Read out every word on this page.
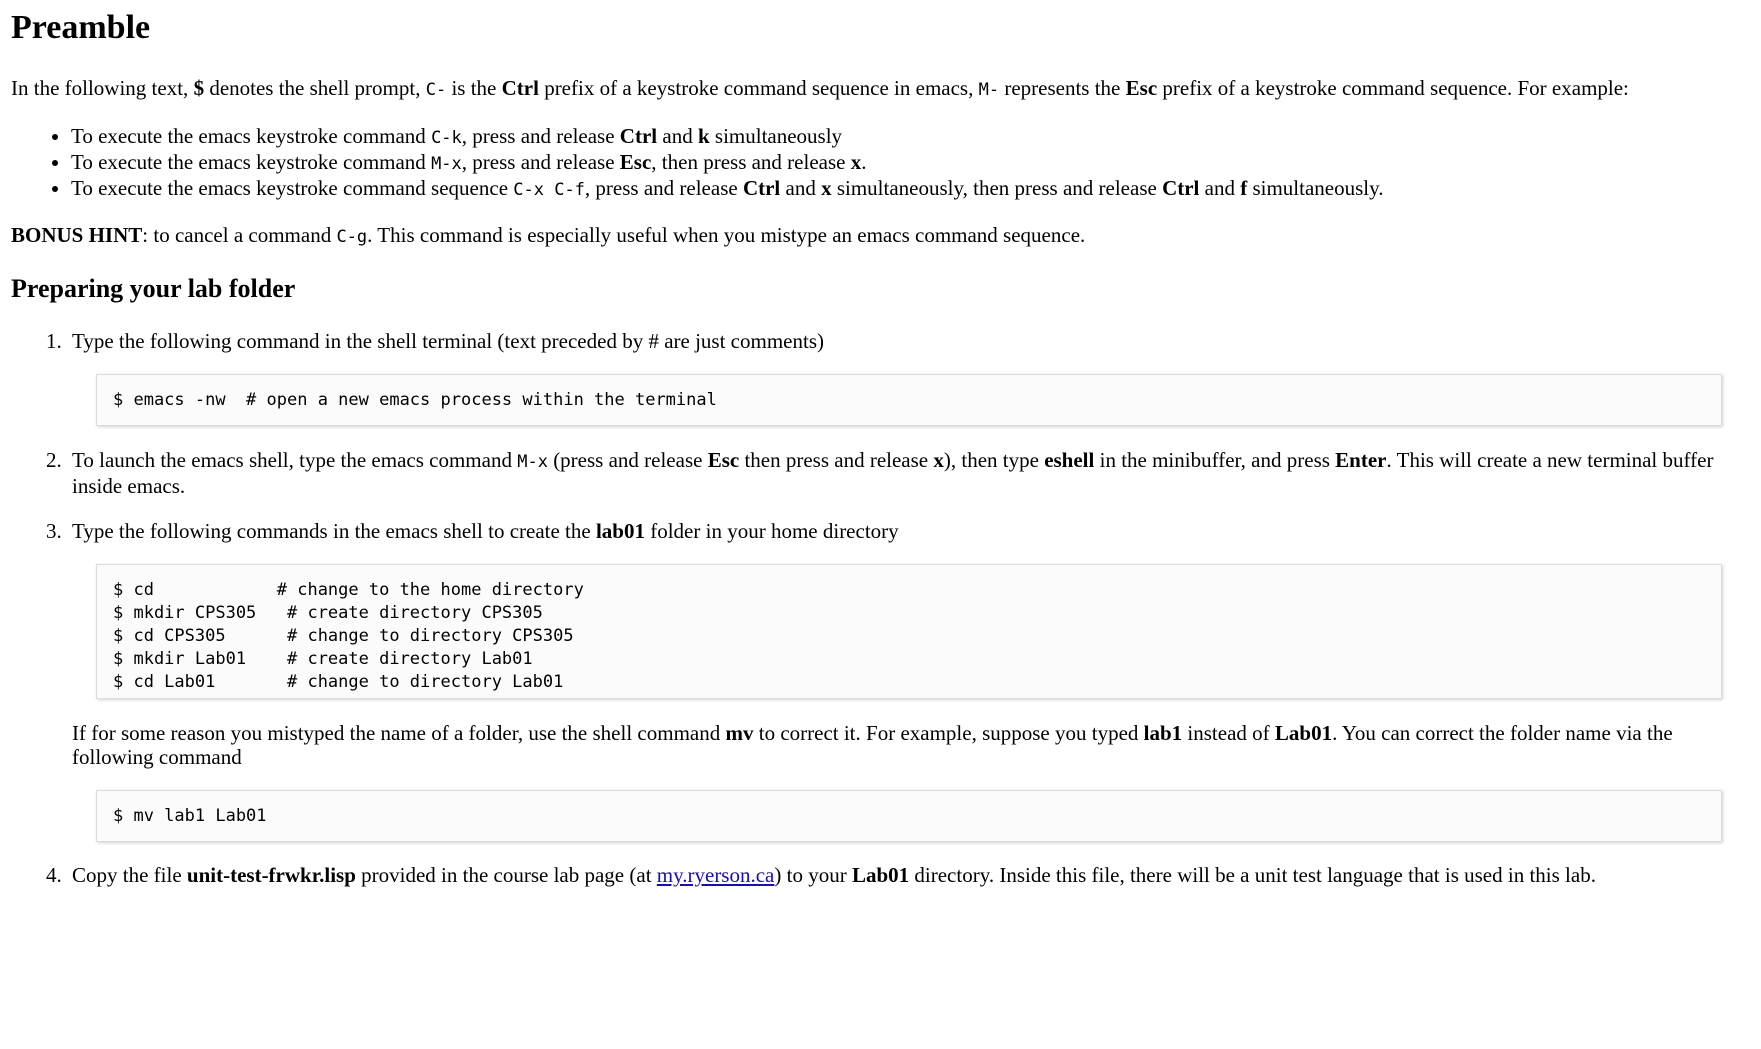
Preamble

In the following text, $ denotes the shell prompt, C- is the Ctrl prefix of a keystroke command sequence in emacs, M- represents the Esc prefix of a keystroke command sequence. For example:

• To execute the emacs keystroke command C-k, press and release Ctrl and k simultaneously
• To execute the emacs keystroke command M-x, press and release Esc, then press and release x.
• To execute the emacs keystroke command sequence C-x C-f, press and release Ctrl and x simultaneously, then press and release Ctrl and f simultaneously.

BONUS HINT: to cancel a command C-g. This command is especially useful when you mistype an emacs command sequence.

Preparing your lab folder
1. Type the following command in the shell terminal (text preceded by # are just comments)

$ emacs -nw  # open a new emacs process within the terminal
2. To launch the emacs shell, type the emacs command M-x (press and release Esc then press and release x), then type eshell in the minibuffer, and press Enter. This will create a new terminal buffer inside emacs.

3. Type the following commands in the emacs shell to create the lab01 folder in your home directory

$ cd            # change to the home directory
$ mkdir CPS305   # create directory CPS305
$ cd CPS305      # change to directory CPS305
$ mkdir Lab01    # create directory Lab01
$ cd Lab01       # change to directory Lab01

If for some reason you mistyped the name of a folder, use the shell command mv to correct it. For example, suppose you typed lab1 instead of Lab01. You can correct the folder name via the following command

$ mv lab1 Lab01
4. Copy the file unit-test-frwkr.lisp provided in the course lab page (at my.ryerson.ca) to your Lab01 directory. Inside this file, there will be a unit test language that is used in this lab.
